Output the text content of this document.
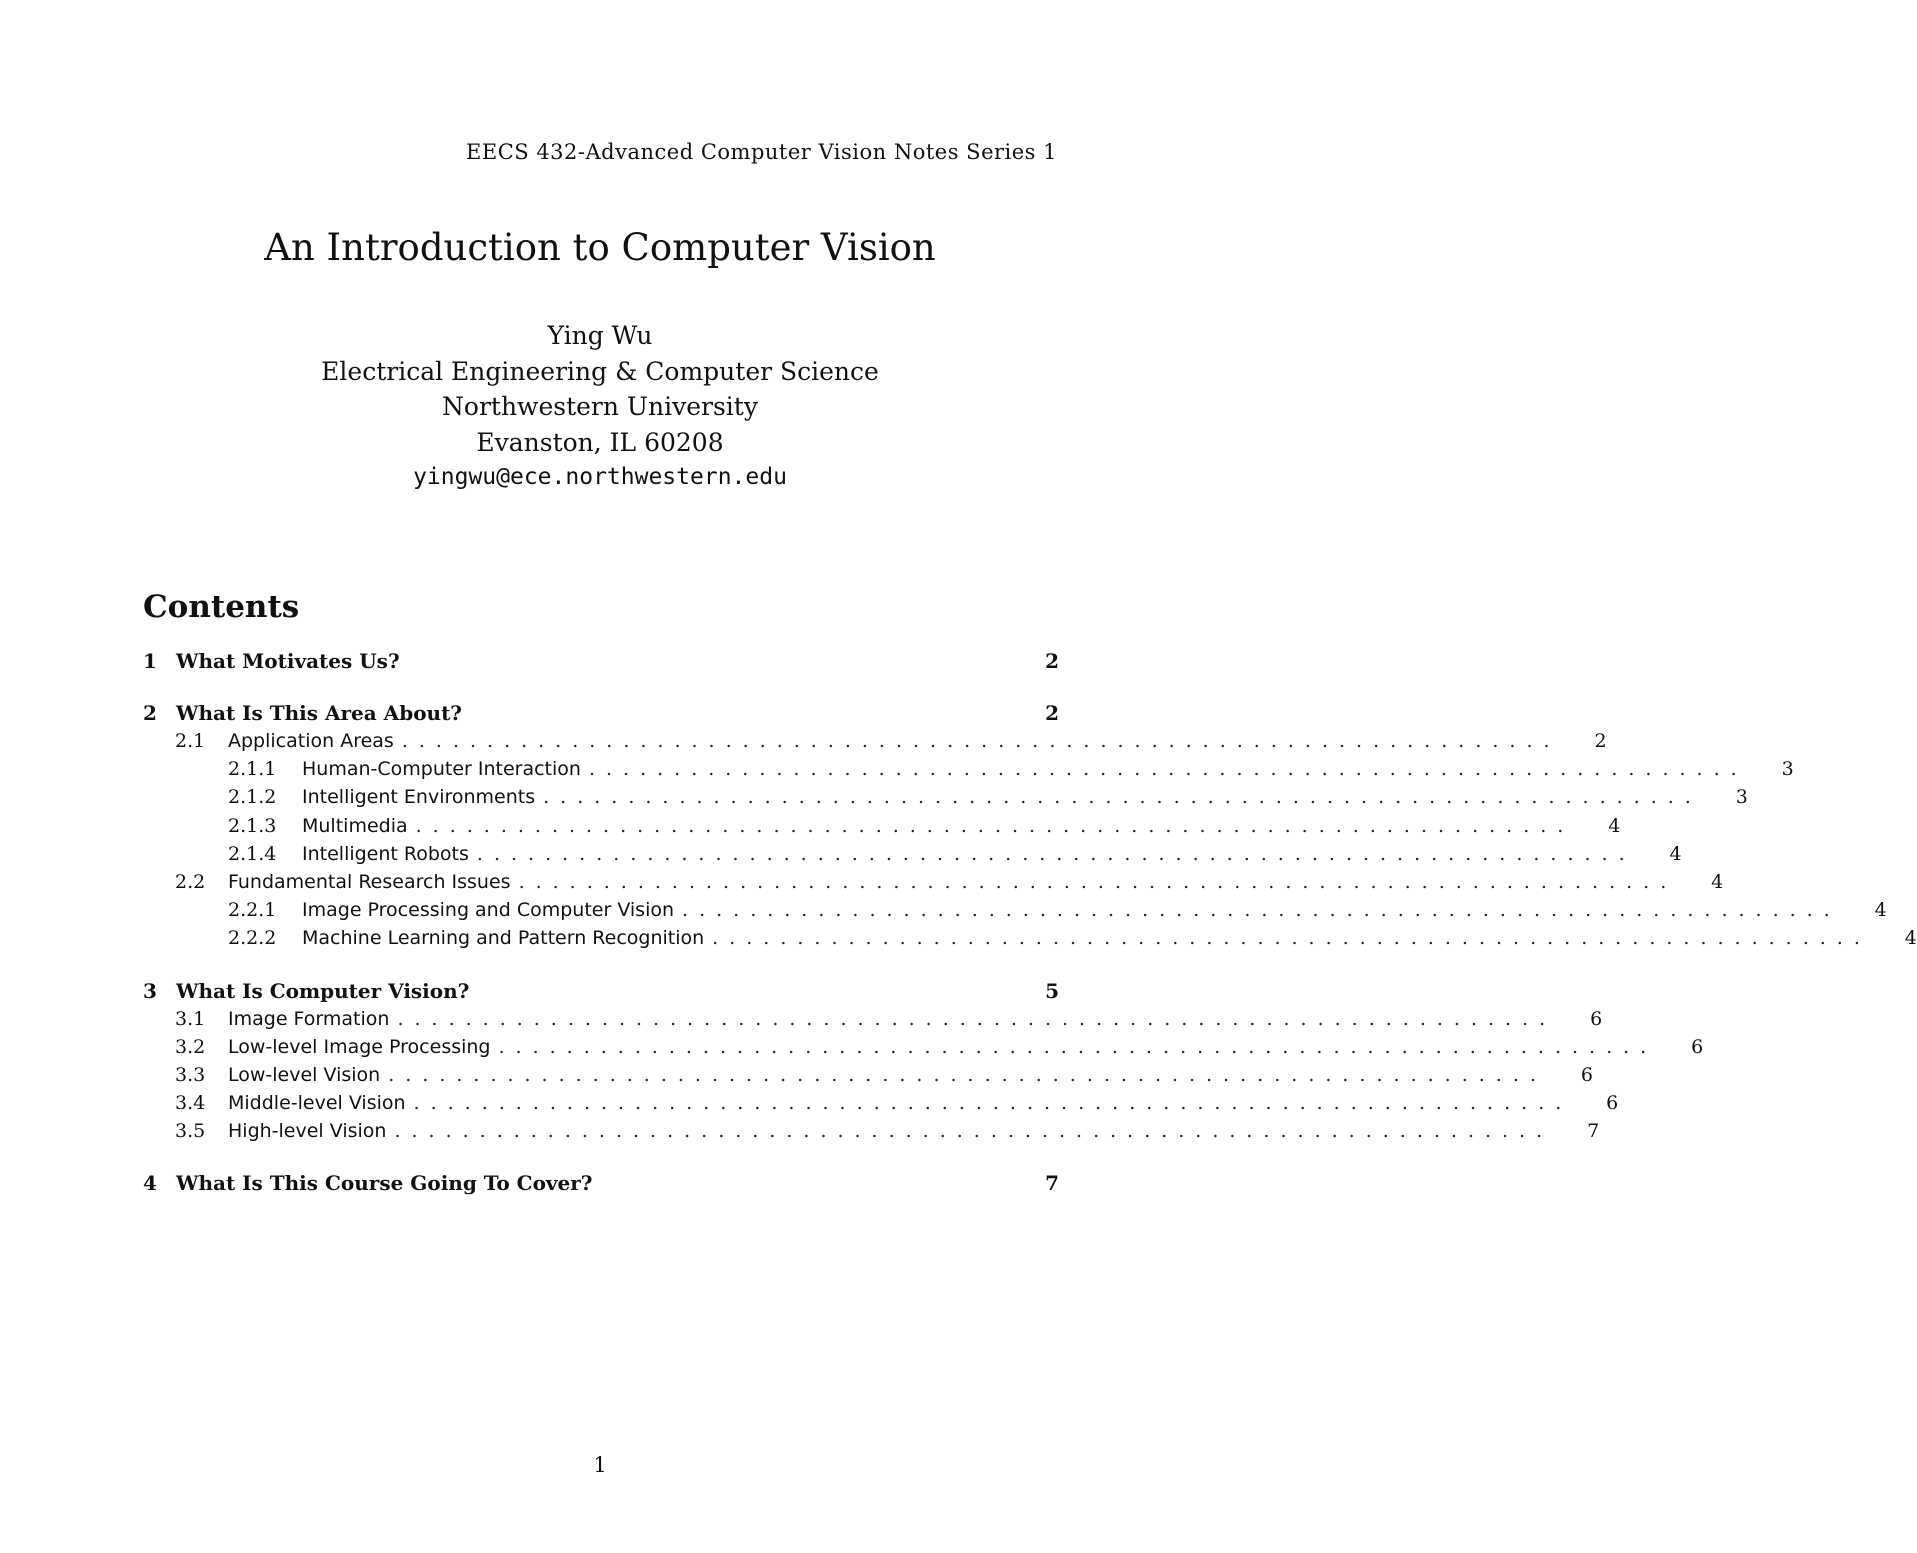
EECS 432-Advanced Computer Vision Notes Series 1
An Introduction to Computer Vision
Ying Wu
Electrical Engineering & Computer Science
Northwestern University
Evanston, IL 60208
yingwu@ece.northwestern.edu
Contents
1 What Motivates Us?	2
2 What Is This Area About?	2
2.1	Application Areas .................................................................... 2
2.1.1	Human-Computer Interaction .................................................................... 3
2.1.2	Intelligent Environments .................................................................... 3
2.1.3	Multimedia .................................................................... 4
2.1.4	Intelligent Robots .................................................................... 4
2.2	Fundamental Research Issues .................................................................... 4
2.2.1	Image Processing and Computer Vision .................................................................... 4
2.2.2	Machine Learning and Pattern Recognition .................................................................... 4
3 What Is Computer Vision?	5
3.1	Image Formation .................................................................... 6
3.2	Low-level Image Processing .................................................................... 6
3.3	Low-level Vision .................................................................... 6
3.4	Middle-level Vision .................................................................... 6
3.5	High-level Vision .................................................................... 7
4 What Is This Course Going To Cover?	7
1
